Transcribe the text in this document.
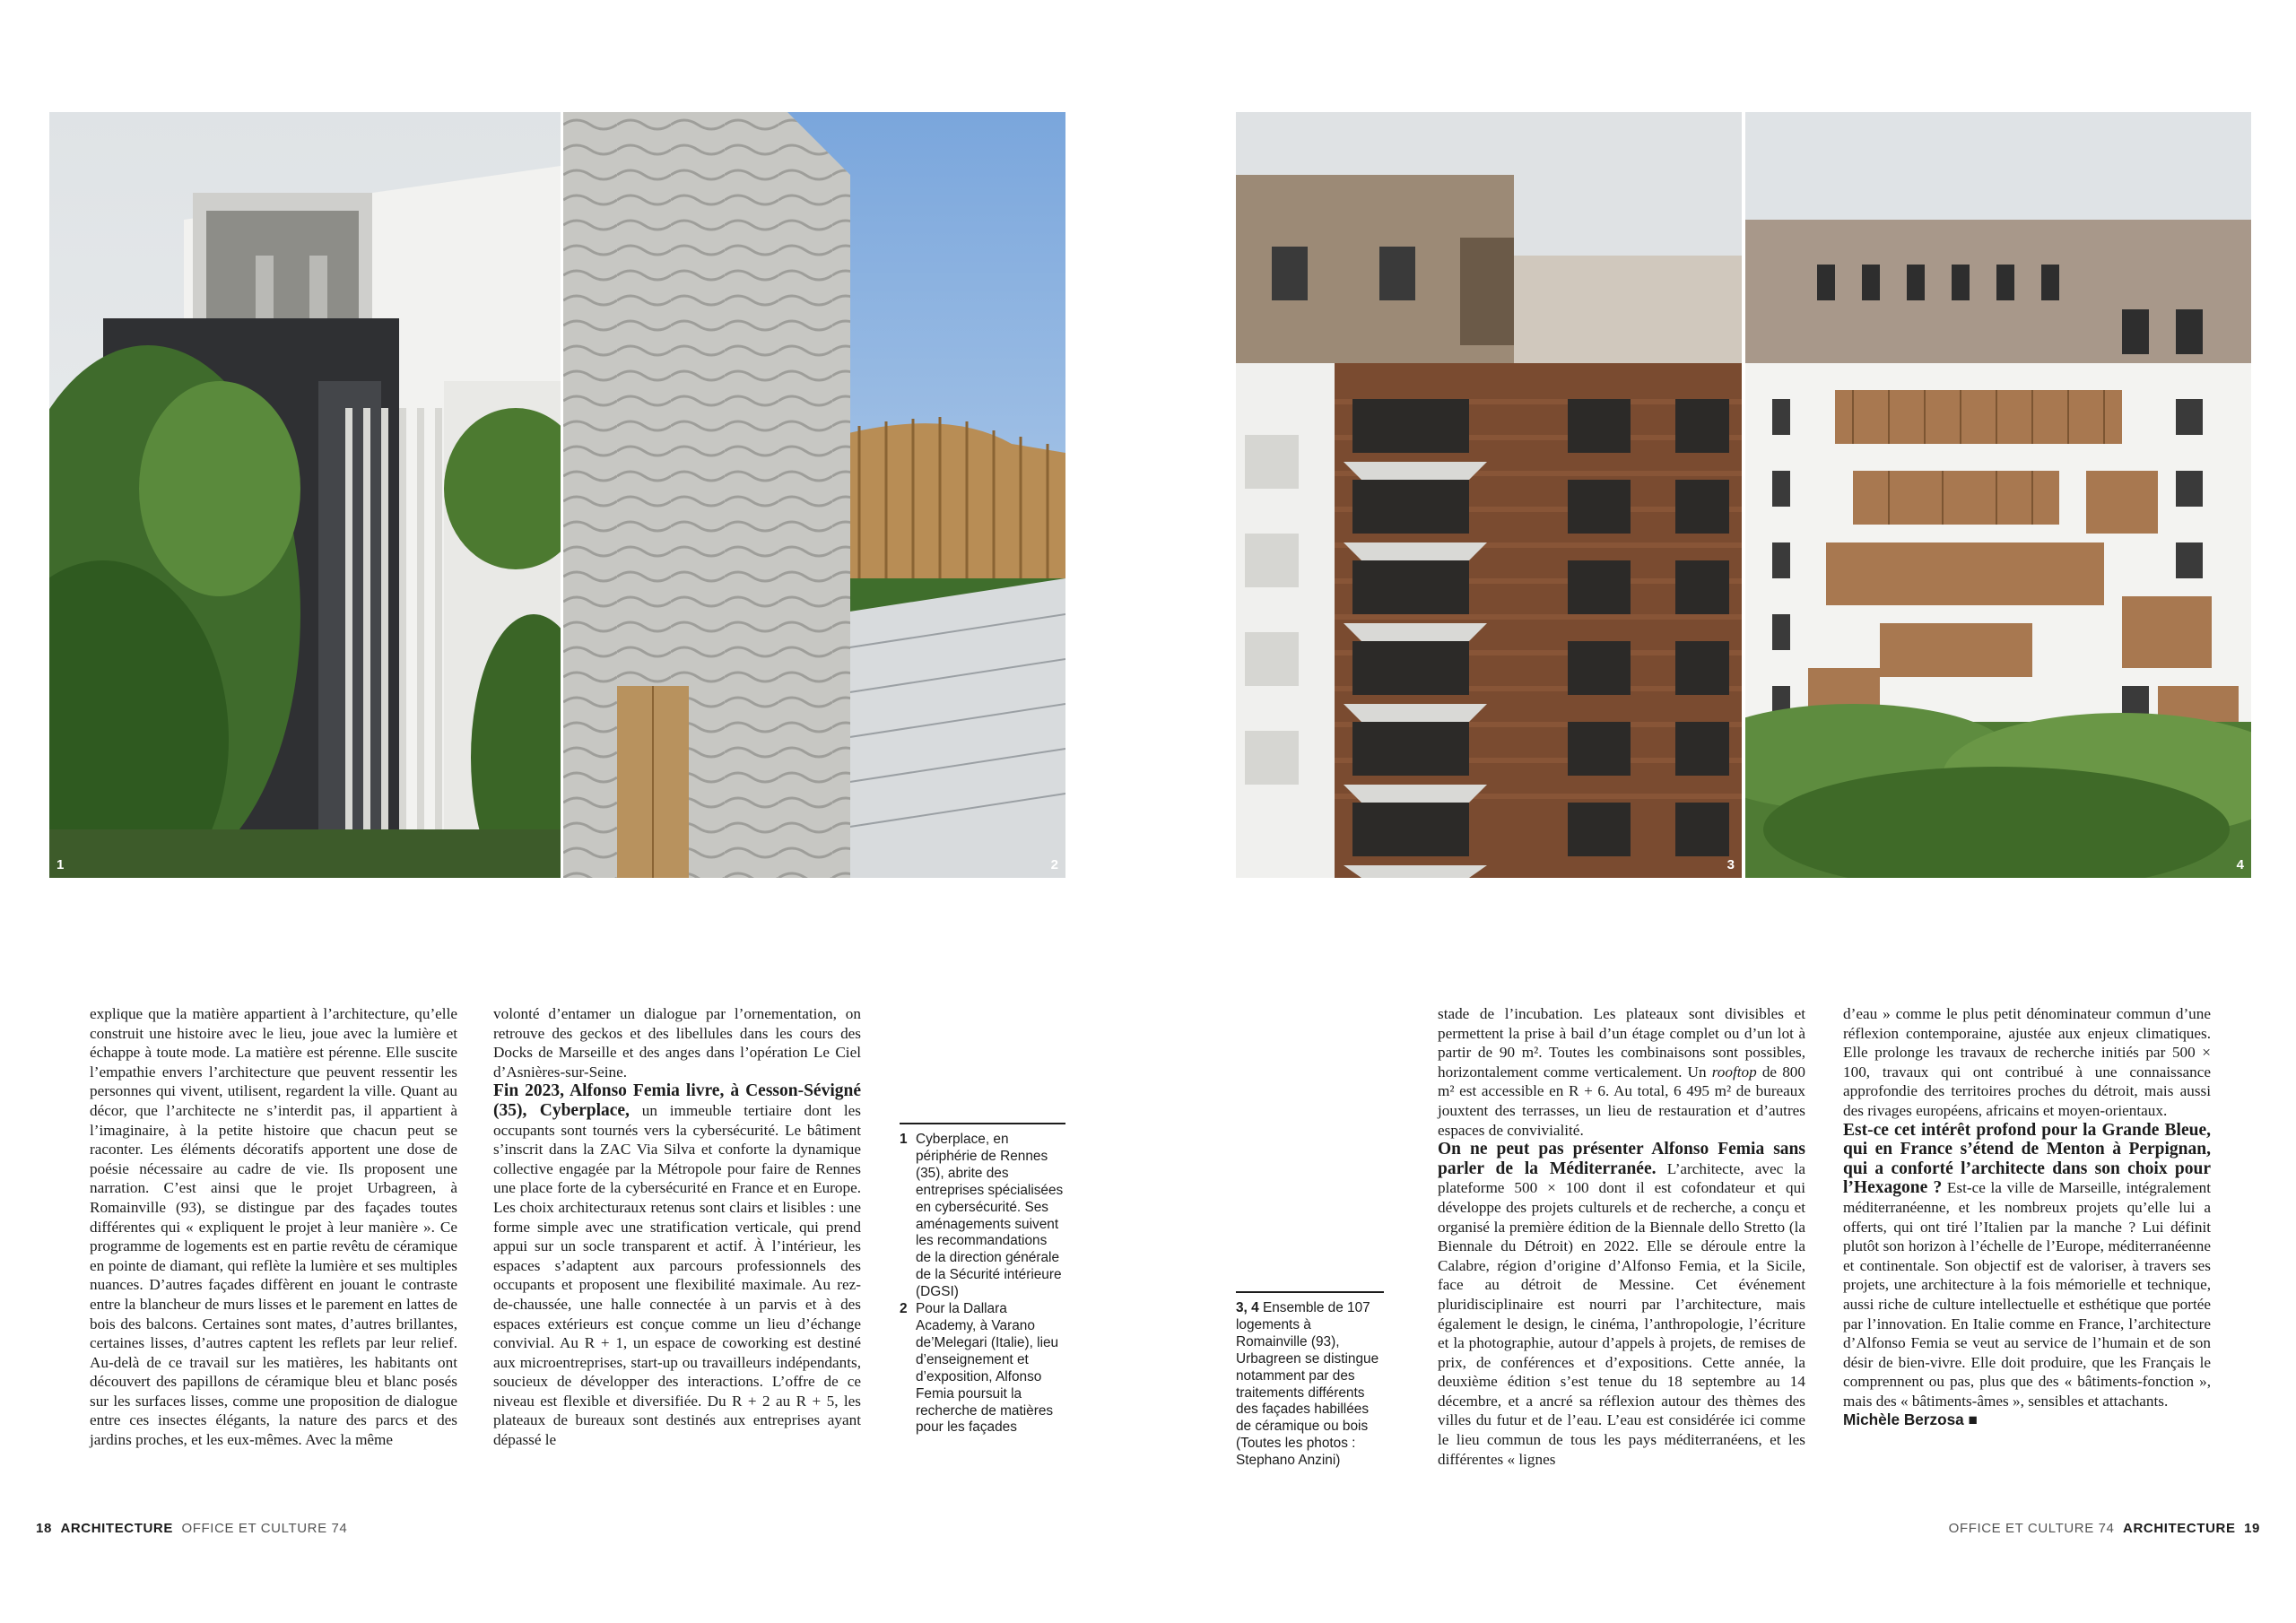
1	2	3	4

explique que la matière appartient à l’architecture, qu’elle construit une histoire avec le lieu, joue avec la lumière et échappe à toute mode. La matière est pérenne. Elle suscite l’empathie envers l’architecture que peuvent ressentir les personnes qui vivent, utilisent, regardent la ville. Quant au décor, que l’architecte ne s’interdit pas, il appartient à l’imaginaire, à la petite histoire que chacun peut se raconter. Les éléments décoratifs apportent une dose de poésie nécessaire au cadre de vie. Ils proposent une narration. C’est ainsi que le projet Urbagreen, à Romainville (93), se distingue par des façades toutes différentes qui « expliquent le projet à leur manière ». Ce programme de logements est en partie revêtu de céramique en pointe de diamant, qui reflète la lumière et ses multiples nuances. D’autres façades diffèrent en jouant le contraste entre la blancheur de murs lisses et le parement en lattes de bois des balcons. Certaines sont mates, d’autres brillantes, certaines lisses, d’autres captent les reflets par leur relief. Au-delà de ce travail sur les matières, les habitants ont découvert des papillons de céramique bleu et blanc posés sur les surfaces lisses, comme une proposition de dialogue entre ces insectes élégants, la nature des parcs et des jardins proches, et les eux-mêmes. Avec la même

volonté d’entamer un dialogue par l’ornementation, on retrouve des geckos et des libellules dans les cours des Docks de Marseille et des anges dans l’opération Le Ciel d’Asnières-sur-Seine.

Fin 2023, Alfonso Femia livre, à Cesson-Sévigné (35), Cyberplace, un immeuble tertiaire dont les occupants sont tournés vers la cybersécurité. Le bâtiment s’inscrit dans la ZAC Via Silva et conforte la dynamique collective engagée par la Métropole pour faire de Rennes une place forte de la cybersécurité en France et en Europe. Les choix architecturaux retenus sont clairs et lisibles : une forme simple avec une stratification verticale, qui prend appui sur un socle transparent et actif. À l’intérieur, les espaces s’adaptent aux parcours professionnels des occupants et proposent une flexibilité maximale. Au rez-de-chaussée, une halle connectée à un parvis et à des espaces extérieurs est conçue comme un lieu d’échange convivial. Au R + 1, un espace de coworking est destiné aux microentreprises, start-up ou travailleurs indépendants, soucieux de développer des interactions. L’offre de ce niveau est flexible et diversifiée. Du R + 2 au R + 5, les plateaux de bureaux sont destinés aux entreprises ayant dépassé le

1 Cyberplace, en périphérie de Rennes (35), abrite des entreprises spécialisées en cybersécurité. Ses aménagements suivent les recommandations de la direction générale de la Sécurité intérieure (DGSI)
2 Pour la Dallara Academy, à Varano de’Melegari (Italie), lieu d’enseignement et d’exposition, Alfonso Femia poursuit la recherche de matières pour les façades
3, 4 Ensemble de 107 logements à Romainville (93), Urbagreen se distingue notamment par des traitements différents des façades habillées de céramique ou bois (Toutes les photos : Stephano Anzini)

stade de l’incubation. Les plateaux sont divisibles et permettent la prise à bail d’un étage complet ou d’un lot à partir de 90 m². Toutes les combinaisons sont possibles, horizontalement comme verticalement. Un rooftop de 800 m² est accessible en R + 6. Au total, 6 495 m² de bureaux jouxtent des terrasses, un lieu de restauration et d’autres espaces de convivialité.

On ne peut pas présenter Alfonso Femia sans parler de la Méditerranée. L’architecte, avec la plateforme 500 × 100 dont il est cofondateur et qui développe des projets culturels et de recherche, a conçu et organisé la première édition de la Biennale dello Stretto (la Biennale du Détroit) en 2022. Elle se déroule entre la Calabre, région d’origine d’Alfonso Femia, et la Sicile, face au détroit de Messine. Cet événement pluridisciplinaire est nourri par l’architecture, mais également le design, le cinéma, l’anthropologie, l’écriture et la photographie, autour d’appels à projets, de remises de prix, de conférences et d’expositions. Cette année, la deuxième édition s’est tenue du 18 septembre au 14 décembre, et a ancré sa réflexion autour des thèmes des villes du futur et de l’eau. L’eau est considérée ici comme le lieu commun de tous les pays méditerranéens, et les différentes « lignes

d’eau » comme le plus petit dénominateur commun d’une réflexion contemporaine, ajustée aux enjeux climatiques. Elle prolonge les travaux de recherche initiés par 500 × 100, travaux qui ont contribué à une connaissance approfondie des territoires proches du détroit, mais aussi des rivages européens, africains et moyen-orientaux.

Est-ce cet intérêt profond pour la Grande Bleue, qui en France s’étend de Menton à Perpignan, qui a conforté l’architecte dans son choix pour l’Hexagone ? Est-ce la ville de Marseille, intégralement méditerranéenne, et les nombreux projets qu’elle lui a offerts, qui ont tiré l’Italien par la manche ? Lui définit plutôt son horizon à l’échelle de l’Europe, méditerranéenne et continentale. Son objectif est de valoriser, à travers ses projets, une architecture à la fois mémorielle et technique, aussi riche de culture intellectuelle et esthétique que portée par l’innovation. En Italie comme en France, l’architecture d’Alfonso Femia se veut au service de l’humain et de son désir de bien-vivre. Elle doit produire, que les Français le comprennent ou pas, plus que des « bâtiments-fonction », mais des « bâtiments-âmes », sensibles et attachants.

Michèle Berzosa ■

18 ARCHITECTURE OFFICE ET CULTURE 74	OFFICE ET CULTURE 74 ARCHITECTURE 19
